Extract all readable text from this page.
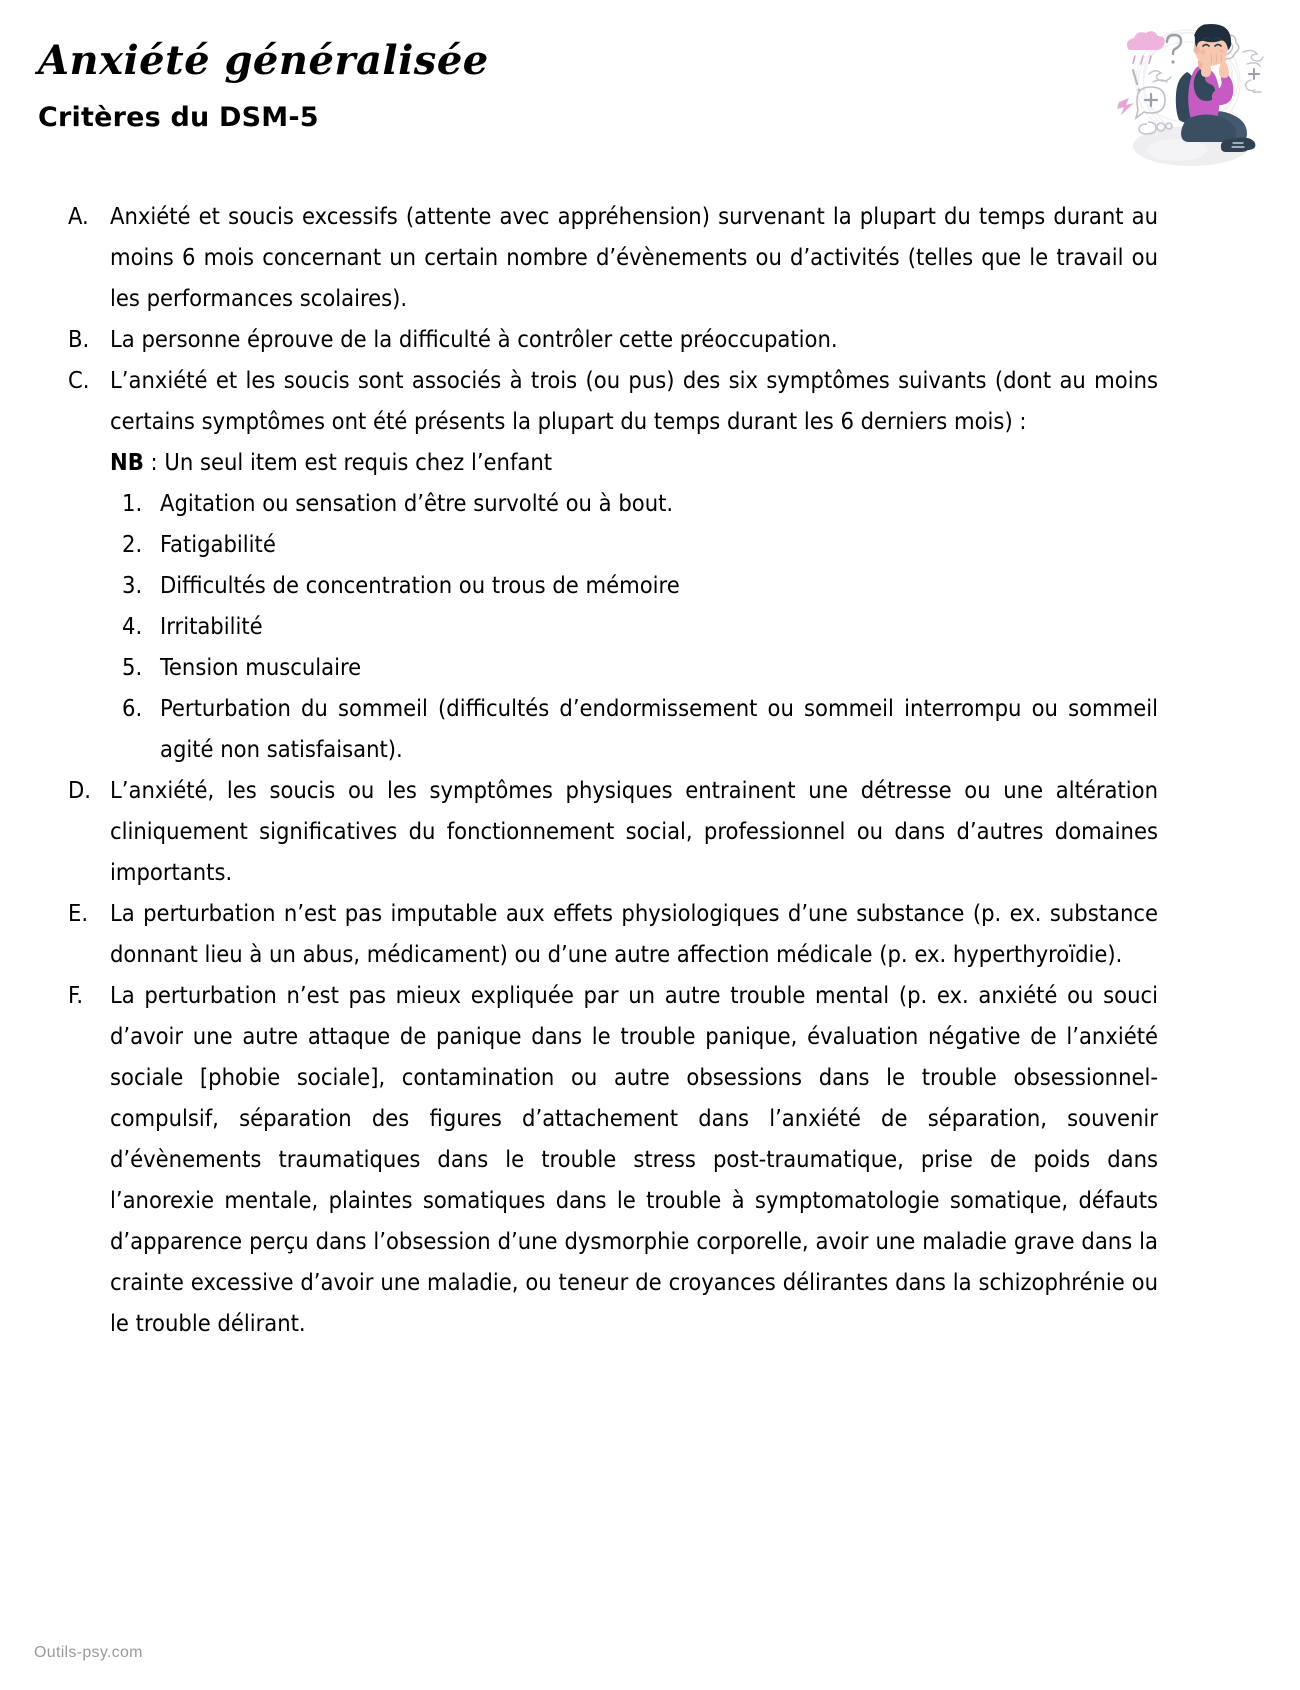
Anxiété généralisée
Critères du DSM-5
A. Anxiété et soucis excessifs (attente avec appréhension) survenant la plupart du temps durant au moins 6 mois concernant un certain nombre d’évènements ou d’activités (telles que le travail ou les performances scolaires).
B. La personne éprouve de la difficulté à contrôler cette préoccupation.
C. L’anxiété et les soucis sont associés à trois (ou pus) des six symptômes suivants (dont au moins certains symptômes ont été présents la plupart du temps durant les 6 derniers mois) :
NB : Un seul item est requis chez l’enfant
1. Agitation ou sensation d’être survolté ou à bout.
2. Fatigabilité
3. Difficultés de concentration ou trous de mémoire
4. Irritabilité
5. Tension musculaire
6. Perturbation du sommeil (difficultés d’endormissement ou sommeil interrompu ou sommeil agité non satisfaisant).
D. L’anxiété, les soucis ou les symptômes physiques entrainent une détresse ou une altération cliniquement significatives du fonctionnement social, professionnel ou dans d’autres domaines importants.
E. La perturbation n’est pas imputable aux effets physiologiques d’une substance (p. ex. substance donnant lieu à un abus, médicament) ou d’une autre affection médicale (p. ex. hyperthyroïdie).
F.	La perturbation n’est pas mieux expliquée par un autre trouble mental (p. ex. anxiété ou souci d’avoir une autre attaque de panique dans le trouble panique, évaluation négative de l’anxiété sociale [phobie sociale], contamination ou autre obsessions dans le trouble obsessionnel-compulsif, séparation des figures d’attachement dans l’anxiété de séparation, souvenir d’évènements traumatiques dans le trouble stress post-traumatique, prise de poids dans l’anorexie mentale, plaintes somatiques dans le trouble à symptomatologie somatique, défauts d’apparence perçu dans l’obsession d’une dysmorphie corporelle, avoir une maladie grave dans la crainte excessive d’avoir une maladie, ou teneur de croyances délirantes dans la schizophrénie ou le trouble délirant.
Outils-psy.com
